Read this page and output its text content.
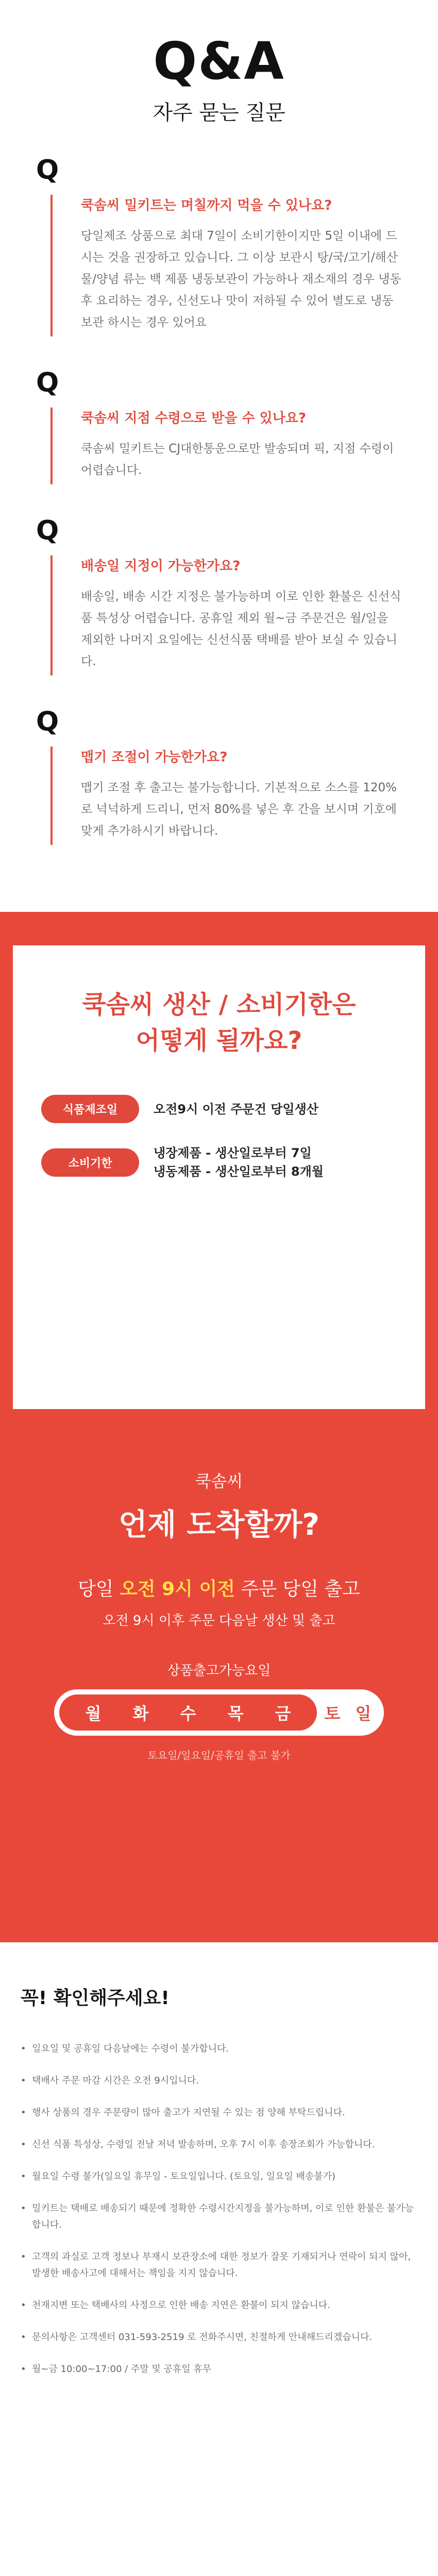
Q&A
자주 묻는 질문
Q
쿡솜씨 밀키트는 며칠까지 먹을 수 있나요?
당일제조 상품으로 최대 7일이 소비기한이지만 5일 이내에 드시는 것을 권장하고 있습니다. 그 이상 보관시 탕/국/고기/해산물/양념 류는 백 제품 냉동보관이 가능하나 재소재의 경우 냉동 후 요리하는 경우, 신선도나 맛이 저하될 수 있어 별도로 냉동보관 하시는 경우 있어요
Q
쿡솜씨 지점 수령으로 받을 수 있나요?
쿡솜씨 밀키트는 CJ대한통운으로만 발송되며 픽, 지점 수령이 어렵습니다.
Q
배송일 지정이 가능한가요?
배송일, 배송 시간 지정은 불가능하며 이로 인한 환불은 신선식품 특성상 어렵습니다. 공휴일 제외 월~금 주문건은 월/일을 제외한 나머지 요일에는 신선식품 택배를 받아 보실 수 있습니다.
Q
맵기 조절이 가능한가요?
맵기 조절 후 출고는 불가능합니다. 기본적으로 소스를 120%로 넉넉하게 드리니, 먼저 80%를 넣은 후 간을 보시며 기호에 맞게 추가하시기 바랍니다.
쿡솜씨 생산 / 소비기한은
어떻게 될까요?
식품제조일	오전9시 이전 주문건 당일생산
소비기한
냉장제품 - 생산일로부터 7일
냉동제품 - 생산일로부터 8개월
쿡솜씨
언제 도착할까?
당일 오전 9시 이전 주문 당일 출고
오전 9시 이후 주문 다음날 생산 및 출고
상품출고가능요일
월 화 수 목 금 토 일
토요일/일요일/공휴일 출고 불가
꼭! 확인해주세요!
• 일요일 및 공휴일 다음날에는 수령이 불가합니다.
• 택배사 주문 마감 시간은 오전 9시입니다.
• 행사 상품의 경우 주문량이 많아 출고가 지연될 수 있는 점 양해 부탁드립니다.
• 신선 식품 특성상, 수령일 전날 저녁 발송하며, 오후 7시 이후 송장조회가 가능합니다.
• 월요일 수령 불가(일요일 휴무일 - 토요일입니다. (토요일, 일요일 배송불가)
• 밀키트는 택배로 배송되기 때문에 정확한 수령시간지정을 불가능하며, 이로 인한 환불은 불가능합니다.
• 고객의 과실로 고객 정보나 부재시 보관장소에 대한 정보가 잘못 기재되거나 연락이 되지 않아, 발생한 배송사고에 대해서는 책임을 지지 않습니다.
• 천재지변 또는 택배사의 사정으로 인한 배송 지연은 환불이 되지 않습니다.
• 문의사항은 고객센터 031-593-2519 로 전화주시면, 친절하게 안내해드리겠습니다.
• 월~금 10:00~17:00 / 주말 및 공휴일 휴무
